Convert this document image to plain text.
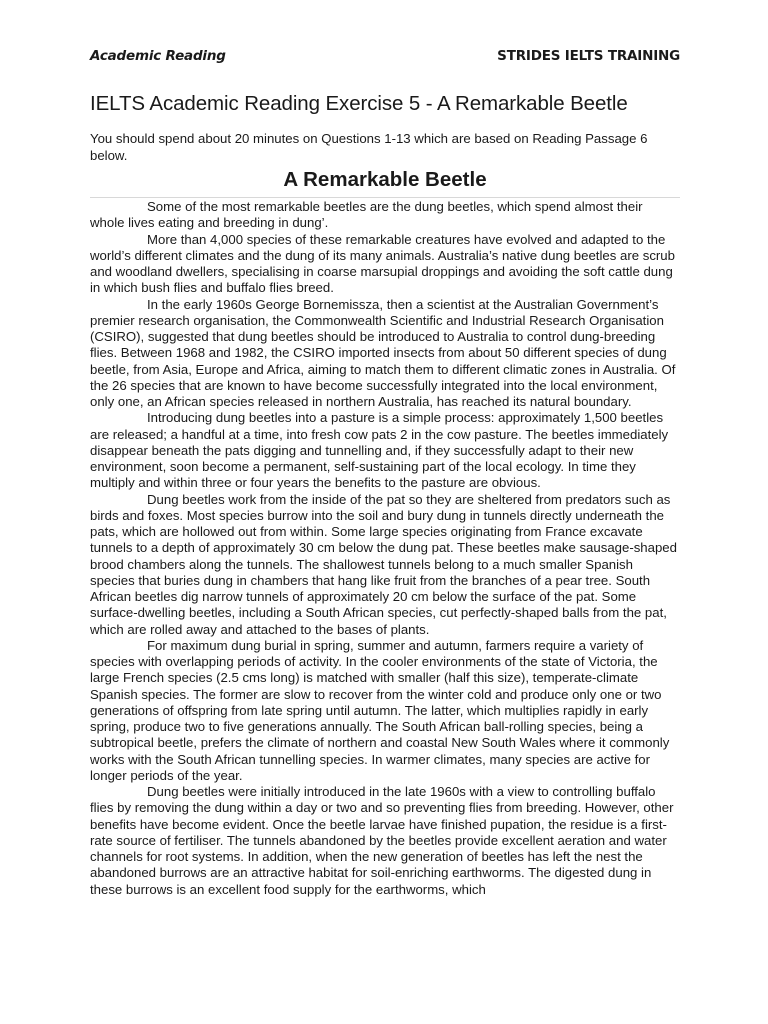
Academic Reading	STRIDES IELTS TRAINING
IELTS Academic Reading Exercise 5 - A Remarkable Beetle
You should spend about 20 minutes on Questions 1-13 which are based on Reading Passage 6 below.
A Remarkable Beetle

Some of the most remarkable beetles are the dung beetles, which spend almost their whole lives eating and breeding in dung’.

More than 4,000 species of these remarkable creatures have evolved and adapted to the world’s different climates and the dung of its many animals. Australia’s native dung beetles are scrub and woodland dwellers, specialising in coarse marsupial droppings and avoiding the soft cattle dung in which bush flies and buffalo flies breed.

In the early 1960s George Bornemissza, then a scientist at the Australian Government’s premier research organisation, the Commonwealth Scientific and Industrial Research Organisation (CSIRO), suggested that dung beetles should be introduced to Australia to control dung-breeding flies. Between 1968 and 1982, the CSIRO imported insects from about 50 different species of dung beetle, from Asia, Europe and Africa, aiming to match them to different climatic zones in Australia. Of the 26 species that are known to have become successfully integrated into the local environment, only one, an African species released in northern Australia, has reached its natural boundary.

Introducing dung beetles into a pasture is a simple process: approximately 1,500 beetles are released; a handful at a time, into fresh cow pats 2 in the cow pasture. The beetles immediately disappear beneath the pats digging and tunnelling and, if they successfully adapt to their new environment, soon become a permanent, self-sustaining part of the local ecology. In time they multiply and within three or four years the benefits to the pasture are obvious.

Dung beetles work from the inside of the pat so they are sheltered from predators such as birds and foxes. Most species burrow into the soil and bury dung in tunnels directly underneath the pats, which are hollowed out from within. Some large species originating from France excavate tunnels to a depth of approximately 30 cm below the dung pat. These beetles make sausage-shaped brood chambers along the tunnels. The shallowest tunnels belong to a much smaller Spanish species that buries dung in chambers that hang like fruit from the branches of a pear tree. South African beetles dig narrow tunnels of approximately 20 cm below the surface of the pat. Some surface-dwelling beetles, including a South African species, cut perfectly-shaped balls from the pat, which are rolled away and attached to the bases of plants.

For maximum dung burial in spring, summer and autumn, farmers require a variety of species with overlapping periods of activity. In the cooler environments of the state of Victoria, the large French species (2.5 cms long) is matched with smaller (half this size), temperate-climate Spanish species. The former are slow to recover from the winter cold and produce only one or two generations of offspring from late spring until autumn. The latter, which multiplies rapidly in early spring, produce two to five generations annually. The South African ball-rolling species, being a subtropical beetle, prefers the climate of northern and coastal New South Wales where it commonly works with the South African tunnelling species. In warmer climates, many species are active for longer periods of the year.

Dung beetles were initially introduced in the late 1960s with a view to controlling buffalo flies by removing the dung within a day or two and so preventing flies from breeding. However, other benefits have become evident. Once the beetle larvae have finished pupation, the residue is a first-rate source of fertiliser. The tunnels abandoned by the beetles provide excellent aeration and water channels for root systems. In addition, when the new generation of beetles has left the nest the abandoned burrows are an attractive habitat for soil-enriching earthworms. The digested dung in these burrows is an excellent food supply for the earthworms, which
